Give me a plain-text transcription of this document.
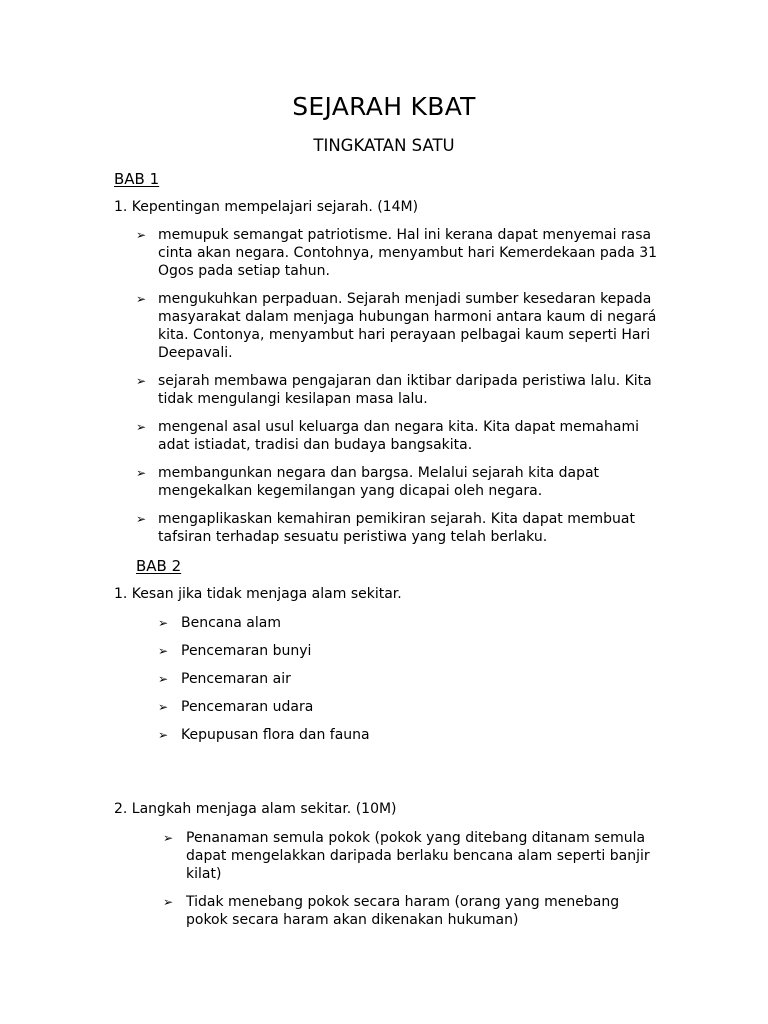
SEJARAH KBAT
TINGKATAN SATU
BAB 1
1. Kepentingan mempelajari sejarah. (14M)
➢ memupuk semangat patriotisme. Hal ini kerana dapat menyemai rasa
cinta akan negara. Contohnya, menyambut hari Kemerdekaan pada 31
Ogos pada setiap tahun.
➢ mengukuhkan perpaduan. Sejarah menjadi sumber kesedaran kepada
masyarakat dalam menjaga hubungan harmoni antara kaum di negará
kita. Contonya, menyambut hari perayaan pelbagai kaum seperti Hari
Deepavali.
➢ sejarah membawa pengajaran dan iktibar daripada peristiwa lalu. Kita
tidak mengulangi kesilapan masa lalu.
➢ mengenal asal usul keluarga dan negara kita. Kita dapat memahami
adat istiadat, tradisi dan budaya bangsakita.
➢ membangunkan negara dan bargsa. Melalui sejarah kita dapat
mengekalkan kegemilangan yang dicapai oleh negara.
➢ mengaplikaskan kemahiran pemikiran sejarah. Kita dapat membuat
tafsiran terhadap sesuatu peristiwa yang telah berlaku.
BAB 2
1. Kesan jika tidak menjaga alam sekitar.
➢ Bencana alam
➢ Pencemaran bunyi
➢ Pencemaran air
➢ Pencemaran udara
➢ Kepupusan flora dan fauna
2. Langkah menjaga alam sekitar. (10M)
➢ Penanaman semula pokok (pokok yang ditebang ditanam semula
dapat mengelakkan daripada berlaku bencana alam seperti banjir
kilat)
➢ Tidak menebang pokok secara haram (orang yang menebang
pokok secara haram akan dikenakan hukuman)
